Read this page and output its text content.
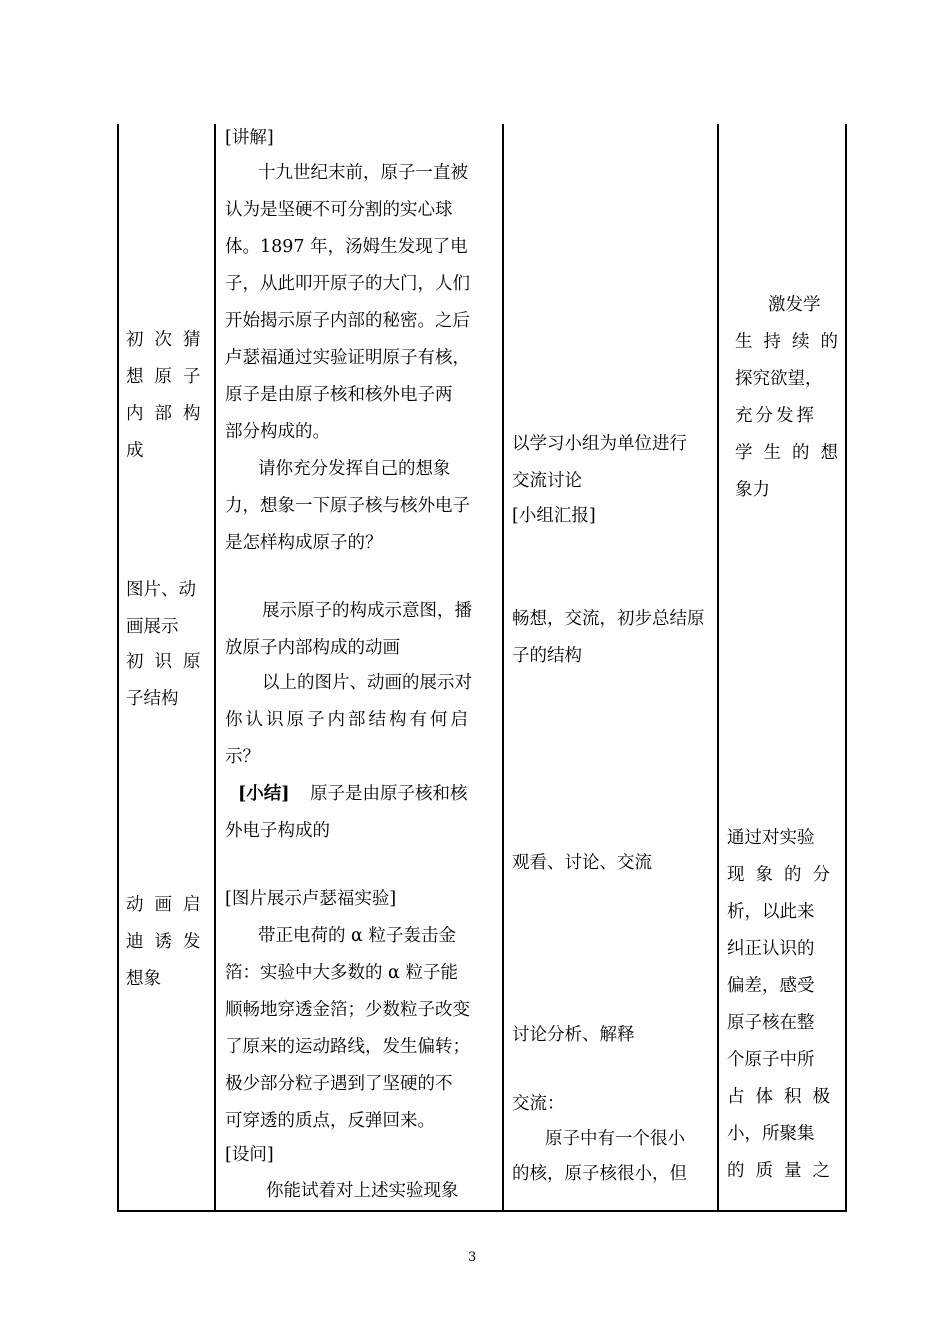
初次猜
想原子
内部构
成
图片、动
画展示
初识原
子结构
动画启
迪诱发
想象
[讲解]
十九世纪末前，原子一直被
认为是坚硬不可分割的实心球
体。1897 年，汤姆生发现了电
子，从此叩开原子的大门，人们
开始揭示原子内部的秘密。之后
卢瑟福通过实验证明原子有核，
原子是由原子核和核外电子两
部分构成的。
请你充分发挥自己的想象
力，想象一下原子核与核外电子
是怎样构成原子的？
展示原子的构成示意图，播
放原子内部构成的动画
以上的图片、动画的展示对
你认识原子内部结构有何启
示？
[小结] 原子是由原子核和核
外电子构成的
[图片展示卢瑟福实验]
带正电荷的 α 粒子轰击金
箔：实验中大多数的 α 粒子能
顺畅地穿透金箔；少数粒子改变
了原来的运动路线，发生偏转；
极少部分粒子遇到了坚硬的不
可穿透的质点，反弹回来。
[设问]
你能试着对上述实验现象
以学习小组为单位进行
交流讨论
[小组汇报]
畅想，交流，初步总结原
子的结构
观看、讨论、交流
讨论分析、解释
交流：
原子中有一个很小
的核，原子核很小，但
激发学
生持续的
探究欲望，
充分发挥
学生的想
象力
通过对实验
现象的分
析，以此来
纠正认识的
偏差，感受
原子核在整
个原子中所
占体积极
小，所聚集
的质量之
3
